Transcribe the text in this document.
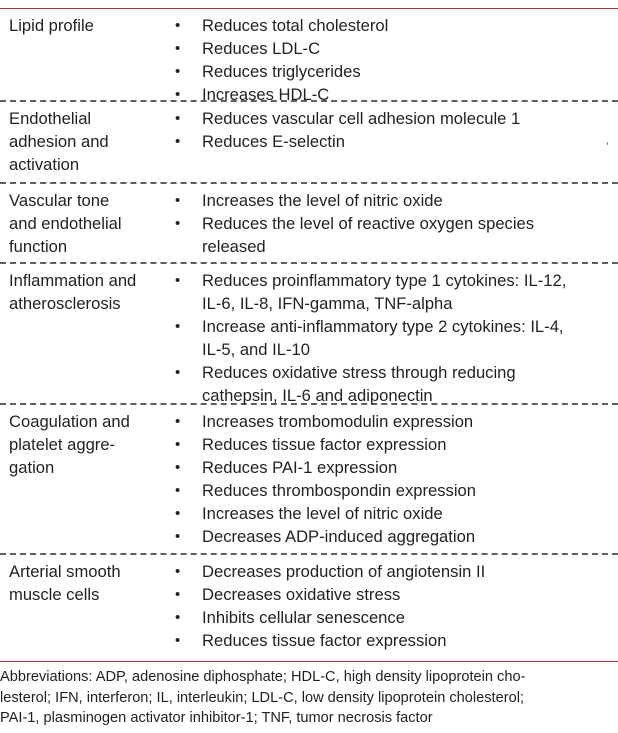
Lipid profile	• Reduces total cholesterol
• Reduces LDL-C
• Reduces triglycerides
• Increases HDL-C
Endothelial
adhesion and
activation
• Reduces vascular cell adhesion molecule 1
• Reduces E-selectin
Vascular tone
and endothelial
function
• Increases the level of nitric oxide
• Reduces the level of reactive oxygen species
released
Inflammation and
atherosclerosis
• Reduces proinflammatory type 1 cytokines: IL-12,
IL-6, IL-8, IFN-gamma, TNF-alpha
• Increase anti-inflammatory type 2 cytokines: IL-4,
IL-5, and IL-10
• Reduces oxidative stress through reducing
cathepsin, IL-6 and adiponectin
Coagulation and
platelet aggre-
gation
• Increases trombomodulin expression
• Reduces tissue factor expression
• Reduces PAI-1 expression
• Reduces thrombospondin expression
• Increases the level of nitric oxide
• Decreases ADP-induced aggregation
Arterial smooth
muscle cells
• Decreases production of angiotensin II
• Decreases oxidative stress
• Inhibits cellular senescence
• Reduces tissue factor expression
ʼ
Abbreviations: ADP, adenosine diphosphate; HDL-C, high density lipoprotein cho-
lesterol; IFN, interferon; IL, interleukin; LDL-C, low density lipoprotein cholesterol;
PAI-1, plasminogen activator inhibitor-1; TNF, tumor necrosis factor
